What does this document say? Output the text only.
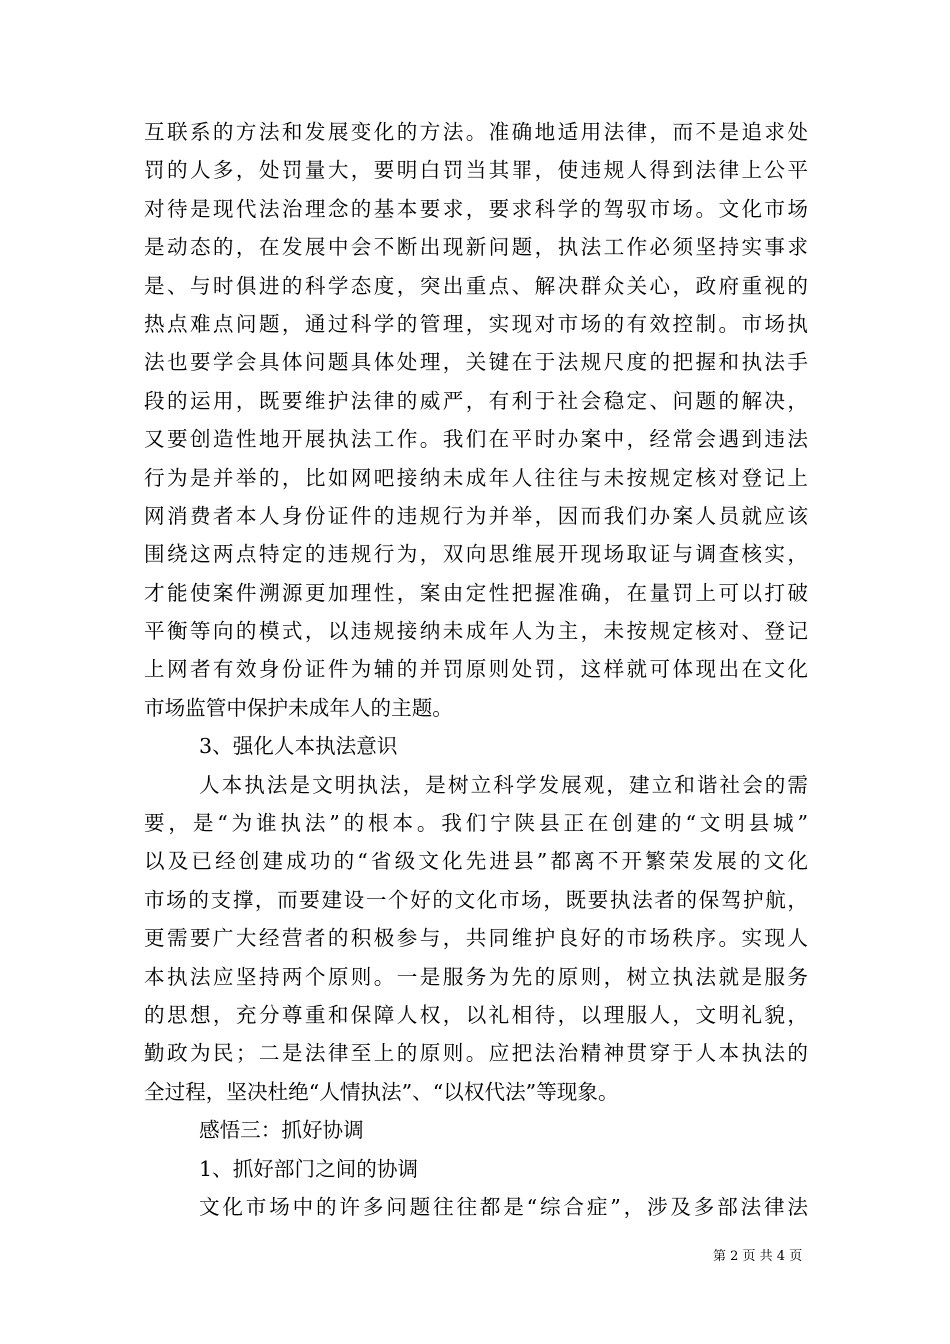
互联系的方法和发展变化的方法。准确地适用法律，而不是追求处
罚的人多，处罚量大，要明白罚当其罪，使违规人得到法律上公平
对待是现代法治理念的基本要求，要求科学的驾驭市场。文化市场
是动态的，在发展中会不断出现新问题，执法工作必须坚持实事求
是、与时俱进的科学态度，突出重点、解决群众关心，政府重视的
热点难点问题，通过科学的管理，实现对市场的有效控制。市场执
法也要学会具体问题具体处理，关键在于法规尺度的把握和执法手
段的运用，既要维护法律的威严，有利于社会稳定、问题的解决，
又要创造性地开展执法工作。我们在平时办案中，经常会遇到违法
行为是并举的，比如网吧接纳未成年人往往与未按规定核对登记上
网消费者本人身份证件的违规行为并举，因而我们办案人员就应该
围绕这两点特定的违规行为，双向思维展开现场取证与调查核实，
才能使案件溯源更加理性，案由定性把握准确，在量罚上可以打破
平衡等向的模式，以违规接纳未成年人为主，未按规定核对、登记
上网者有效身份证件为辅的并罚原则处罚，这样就可体现出在文化
市场监管中保护未成年人的主题。
3、强化人本执法意识
人本执法是文明执法，是树立科学发展观，建立和谐社会的需
要，是“为谁执法”的根本。我们宁陕县正在创建的“文明县城”
以及已经创建成功的“省级文化先进县”都离不开繁荣发展的文化
市场的支撑，而要建设一个好的文化市场，既要执法者的保驾护航，
更需要广大经营者的积极参与，共同维护良好的市场秩序。实现人
本执法应坚持两个原则。一是服务为先的原则，树立执法就是服务
的思想，充分尊重和保障人权，以礼相待，以理服人，文明礼貌，
勤政为民；二是法律至上的原则。应把法治精神贯穿于人本执法的
全过程，坚决杜绝“人情执法”、“以权代法”等现象。
感悟三：抓好协调
1、抓好部门之间的协调
文化市场中的许多问题往往都是“综合症”，涉及多部法律法
第 2 页 共 4 页
